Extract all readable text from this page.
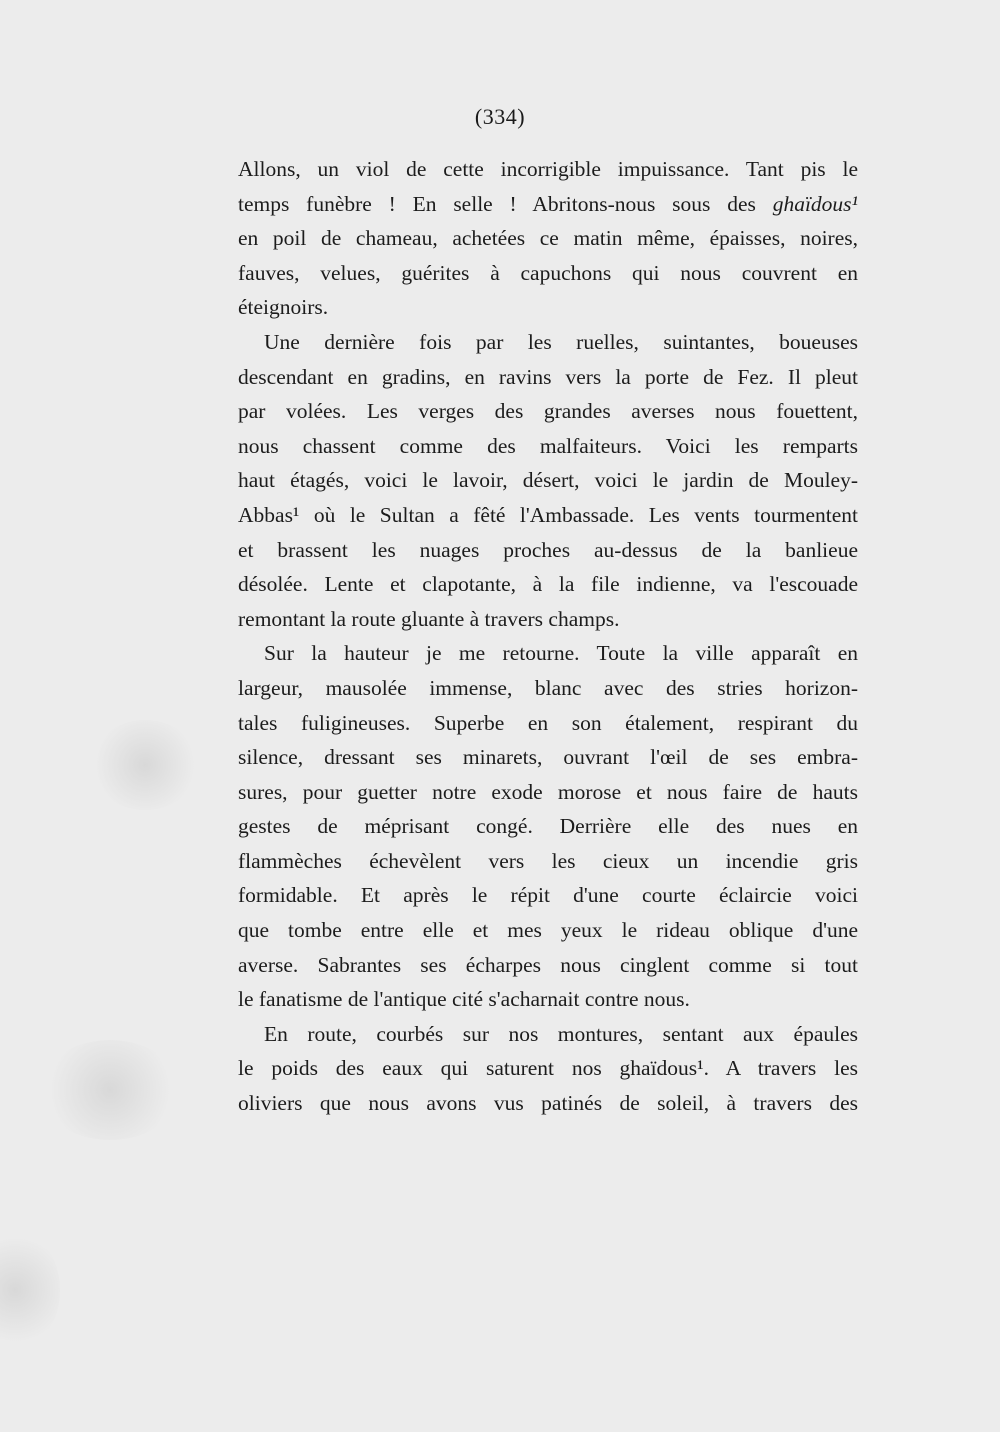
(334)
Allons, un viol de cette incorrigible impuissance. Tant pis le
temps funèbre ! En selle ! Abritons-nous sous des ghaïdous¹
en poil de chameau, achetées ce matin même, épaisses, noires,
fauves, velues, guérites à capuchons qui nous couvrent en
éteignoirs.
Une dernière fois par les ruelles, suintantes, boueuses
descendant en gradins, en ravins vers la porte de Fez. Il pleut
par volées. Les verges des grandes averses nous fouettent,
nous chassent comme des malfaiteurs. Voici les remparts
haut étagés, voici le lavoir, désert, voici le jardin de Mouley-
Abbas¹ où le Sultan a fêté l'Ambassade. Les vents tourmentent
et brassent les nuages proches au-dessus de la banlieue
désolée. Lente et clapotante, à la file indienne, va l'escouade
remontant la route gluante à travers champs.
Sur la hauteur je me retourne. Toute la ville apparaît en
largeur, mausolée immense, blanc avec des stries horizon-
tales fuligineuses. Superbe en son étalement, respirant du
silence, dressant ses minarets, ouvrant l'œil de ses embra-
sures, pour guetter notre exode morose et nous faire de hauts
gestes de méprisant congé. Derrière elle des nues en
flammèches échevèlent vers les cieux un incendie gris
formidable. Et après le répit d'une courte éclaircie voici
que tombe entre elle et mes yeux le rideau oblique d'une
averse. Sabrantes ses écharpes nous cinglent comme si tout
le fanatisme de l'antique cité s'acharnait contre nous.
En route, courbés sur nos montures, sentant aux épaules
le poids des eaux qui saturent nos ghaïdous¹. A travers les
oliviers que nous avons vus patinés de soleil, à travers des
